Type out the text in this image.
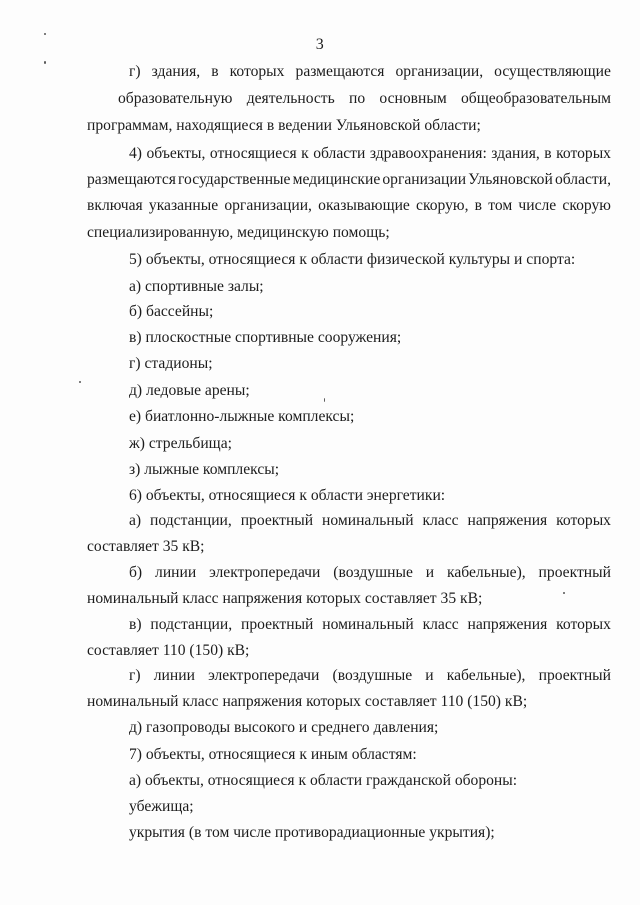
3
г) здания, в которых размещаются организации, осуществляющие
образовательную деятельность по основным общеобразовательным
программам, находящиеся в ведении Ульяновской области;
4) объекты, относящиеся к области здравоохранения: здания, в которых
размещаются государственные медицинские организации Ульяновской области,
включая указанные организации, оказывающие скорую, в том числе скорую
специализированную, медицинскую помощь;
5) объекты, относящиеся к области физической культуры и спорта:
а) спортивные залы;
б) бассейны;
в) плоскостные спортивные сооружения;
г) стадионы;
д) ледовые арены;
е) биатлонно-лыжные комплексы;
ж) стрельбища;
з) лыжные комплексы;
6) объекты, относящиеся к области энергетики:
а) подстанции, проектный номинальный класс напряжения которых
составляет 35 кВ;
б) линии электропередачи (воздушные и кабельные), проектный
номинальный класс напряжения которых составляет 35 кВ;
в) подстанции, проектный номинальный класс напряжения которых
составляет 110 (150) кВ;
г) линии электропередачи (воздушные и кабельные), проектный
номинальный класс напряжения которых составляет 110 (150) кВ;
д) газопроводы высокого и среднего давления;
7) объекты, относящиеся к иным областям:
а) объекты, относящиеся к области гражданской обороны:
убежища;
укрытия (в том числе противорадиационные укрытия);
